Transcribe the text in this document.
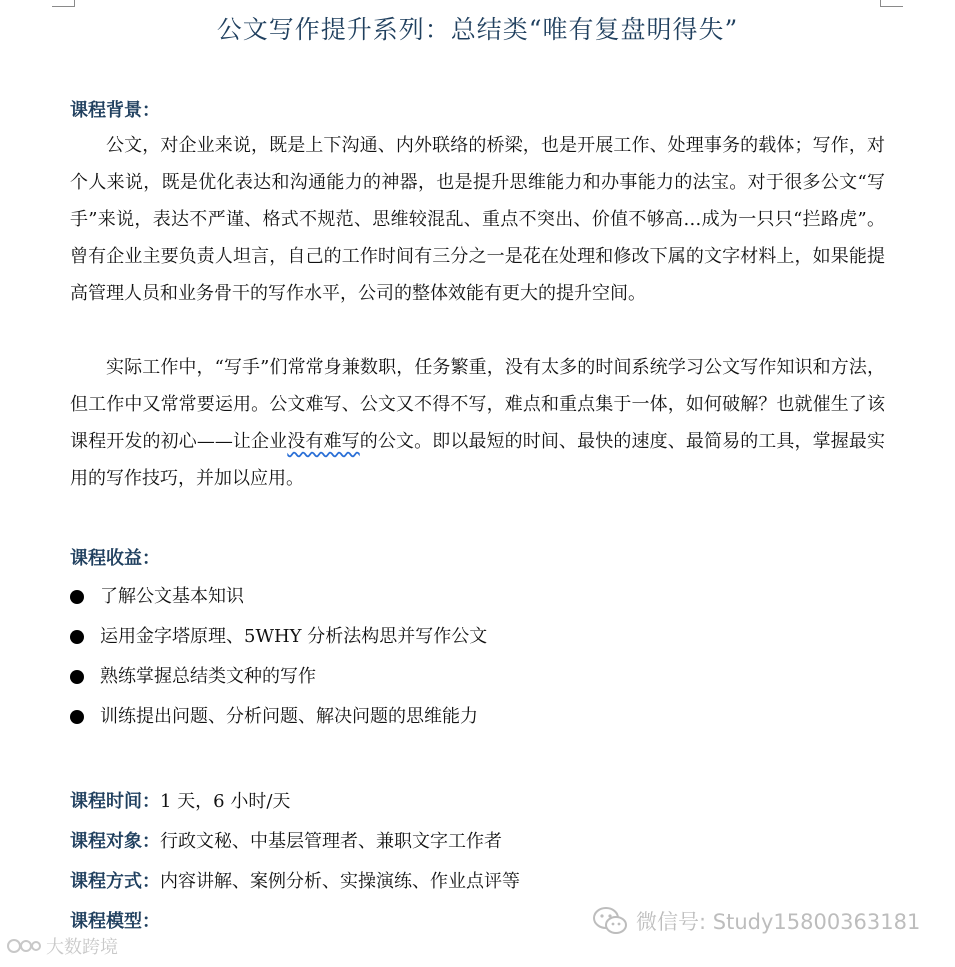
公文写作提升系列：总结类“唯有复盘明得失”
课程背景：
公文，对企业来说，既是上下沟通、内外联络的桥梁，也是开展工作、处理事务的载体；写作，对个人来说，既是优化表达和沟通能力的神器，也是提升思维能力和办事能力的法宝。对于很多公文“写手”来说，表达不严谨、格式不规范、思维较混乱、重点不突出、价值不够高…成为一只只“拦路虎”。曾有企业主要负责人坦言，自己的工作时间有三分之一是花在处理和修改下属的文字材料上，如果能提高管理人员和业务骨干的写作水平，公司的整体效能有更大的提升空间。
实际工作中，“写手”们常常身兼数职，任务繁重，没有太多的时间系统学习公文写作知识和方法，但工作中又常常要运用。公文难写、公文又不得不写，难点和重点集于一体，如何破解？也就催生了该课程开发的初心——让企业没有难写的公文。即以最短的时间、最快的速度、最简易的工具，掌握最实用的写作技巧，并加以应用。
课程收益：
了解公文基本知识
运用金字塔原理、5WHY 分析法构思并写作公文
熟练掌握总结类文种的写作
训练提出问题、分析问题、解决问题的思维能力
课程时间：1 天，6 小时/天
课程对象：行政文秘、中基层管理者、兼职文字工作者
课程方式：内容讲解、案例分析、实操演练、作业点评等
课程模型：
大数跨境
微信号: Study15800363181
